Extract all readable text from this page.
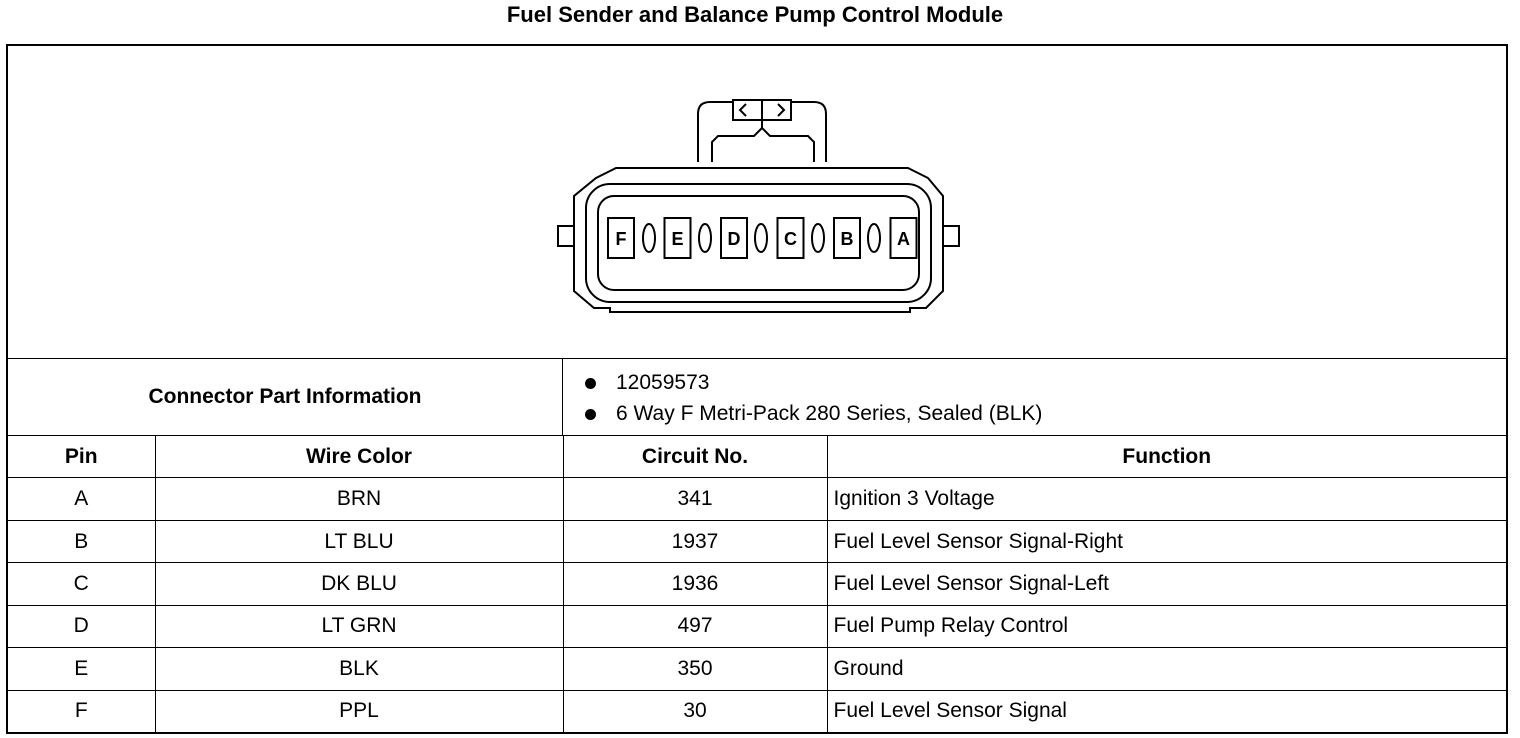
Fuel Sender and Balance Pump Control Module
F E D C B A
Connector Part Information
12059573
6 Way F Metri-Pack 280 Series, Sealed (BLK)
Pin	Wire Color	Circuit No.	Function
A	BRN	341	Ignition 3 Voltage
B	LT BLU	1937	Fuel Level Sensor Signal-Right
C	DK BLU	1936	Fuel Level Sensor Signal-Left
D	LT GRN	497	Fuel Pump Relay Control
E	BLK	350	Ground
F	PPL	30	Fuel Level Sensor Signal
